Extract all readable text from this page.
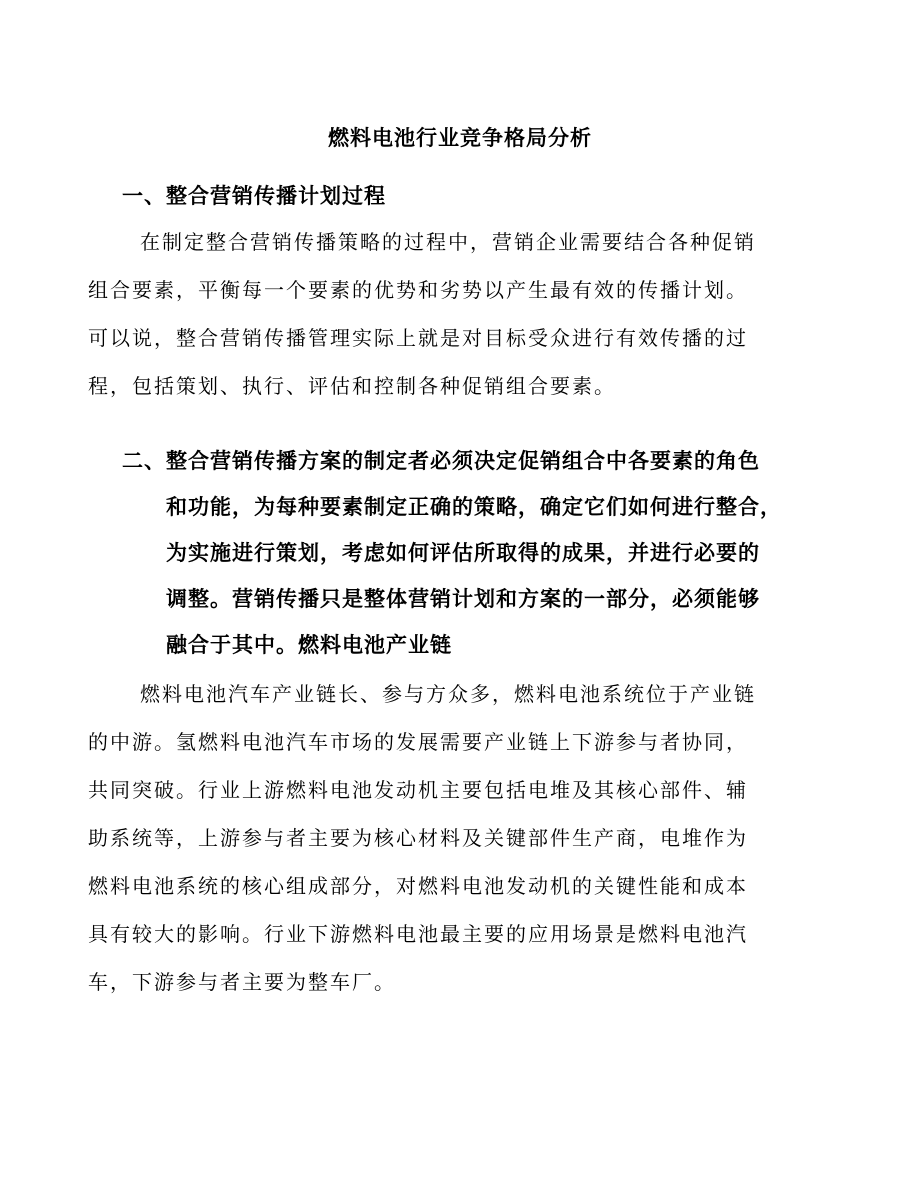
燃料电池行业竞争格局分析
一、整合营销传播计划过程

在制定整合营销传播策略的过程中，营销企业需要结合各种促销
组合要素，平衡每一个要素的优势和劣势以产生最有效的传播计划。
可以说，整合营销传播管理实际上就是对目标受众进行有效传播的过
程，包括策划、执行、评估和控制各种促销组合要素。

二、整合营销传播方案的制定者必须决定促销组合中各要素的角色
和功能，为每种要素制定正确的策略，确定它们如何进行整合，
为实施进行策划，考虑如何评估所取得的成果，并进行必要的
调整。营销传播只是整体营销计划和方案的一部分，必须能够
融合于其中。燃料电池产业链

燃料电池汽车产业链长、参与方众多，燃料电池系统位于产业链
的中游。氢燃料电池汽车市场的发展需要产业链上下游参与者协同，
共同突破。行业上游燃料电池发动机主要包括电堆及其核心部件、辅
助系统等，上游参与者主要为核心材料及关键部件生产商，电堆作为
燃料电池系统的核心组成部分，对燃料电池发动机的关键性能和成本
具有较大的影响。行业下游燃料电池最主要的应用场景是燃料电池汽
车，下游参与者主要为整车厂。
